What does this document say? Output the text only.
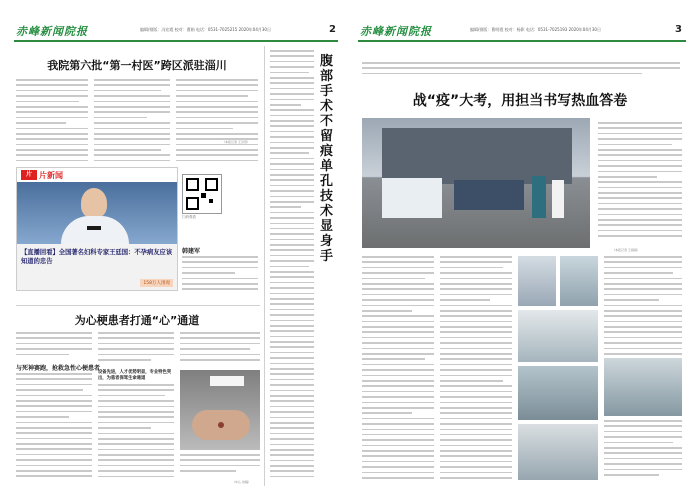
赤峰新闻院报	编辑/排版：冯宏霞 校对：曹娟 电话：0531-7025215 2020年04月30日	2
我院第六批“第一村医”跨区派驻淄川
（本报记者 王洪涛）
片 片新闻
【直播回看】全国著名妇科专家王廷国：不孕病友应该知道的忠告
158万人围观
扫码观看
韩建军
为心梗患者打通“心”通道
与死神赛跑，抢救急性心梗患者
设备先进，人才优势明显，专业特色突出，为患者保驾生命通道
（中心 供稿）
腹部手术不留痕 单孔技术显身手
赤峰新闻院报	编辑/排版：曹明霞 校对：杨影 电话：0531-7025193 2020年04月30日	3
战“疫”大考，用担当书写热血答卷
（本报记者 王娟娟）
